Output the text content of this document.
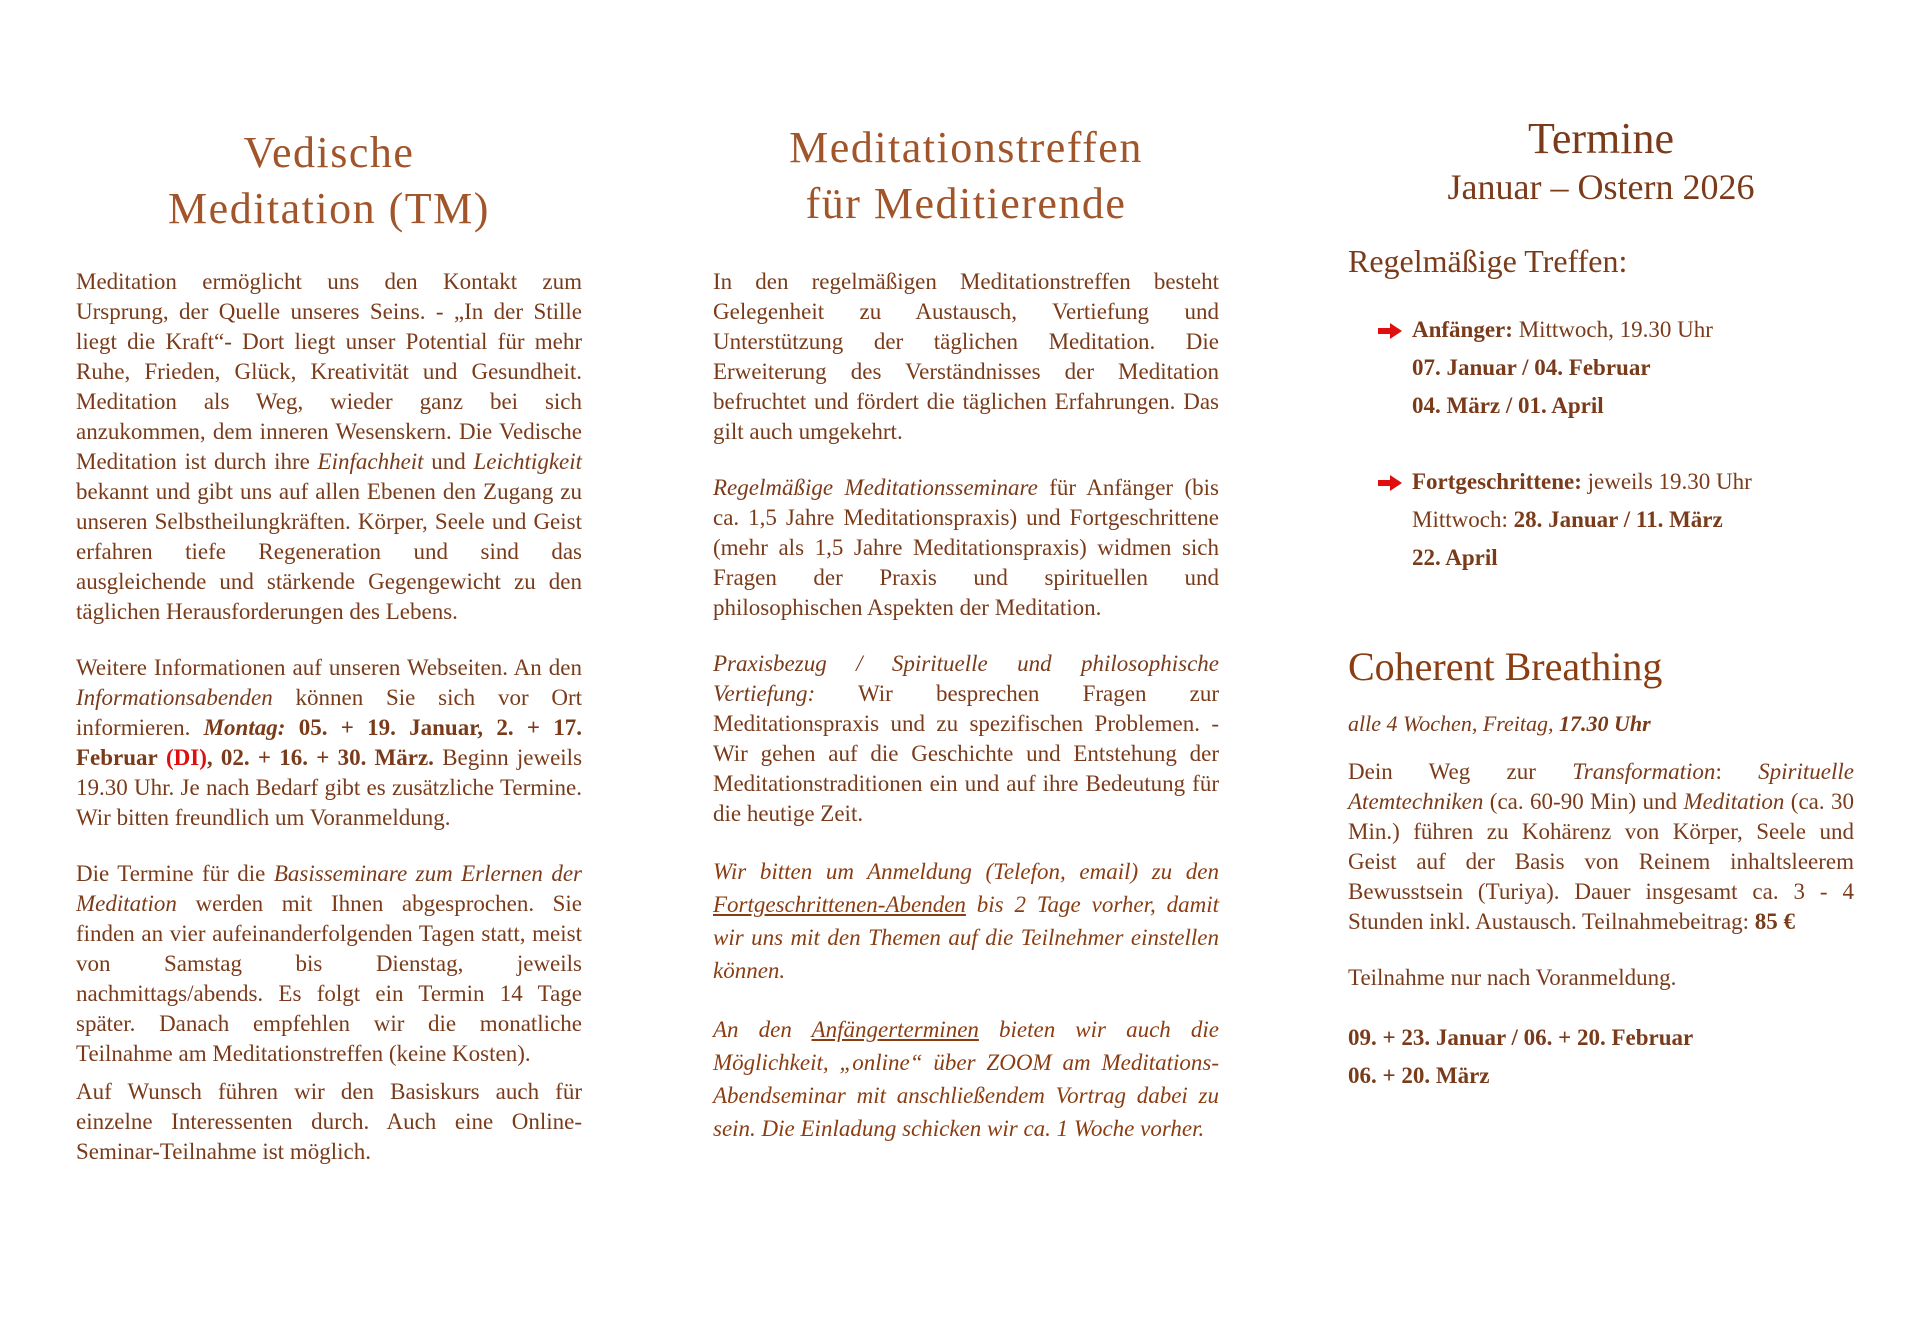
Vedische
Meditation (TM)

Meditation ermöglicht uns den Kontakt zum Ursprung, der Quelle unseres Seins. - „In der Stille liegt die Kraft“- Dort liegt unser Potential für mehr Ruhe, Frieden, Glück, Kreativität und Gesundheit. Meditation als Weg, wieder ganz bei sich anzukommen, dem inneren Wesenskern. Die Vedische Meditation ist durch ihre Einfachheit und Leichtigkeit bekannt und gibt uns auf allen Ebenen den Zugang zu unseren Selbstheilungkräften. Körper, Seele und Geist erfahren tiefe Regeneration und sind das ausgleichende und stärkende Gegengewicht zu den täglichen Herausforderungen des Lebens.

Weitere Informationen auf unseren Webseiten. An den Informationsabenden können Sie sich vor Ort informieren. Montag: 05. + 19. Januar, 2. + 17. Februar (DI), 02. + 16. + 30. März. Beginn jeweils 19.30 Uhr. Je nach Bedarf gibt es zusätzliche Termine. Wir bitten freundlich um Voranmeldung.

Die Termine für die Basisseminare zum Erlernen der Meditation werden mit Ihnen abgesprochen. Sie finden an vier aufeinanderfolgenden Tagen statt, meist von Samstag bis Dienstag, jeweils nachmittags/abends. Es folgt ein Termin 14 Tage später. Danach empfehlen wir die monatliche Teilnahme am Meditationstreffen (keine Kosten).

Auf Wunsch führen wir den Basiskurs auch für einzelne Interessenten durch. Auch eine Online-Seminar-Teilnahme ist möglich.

Meditationstreffen
für Meditierende

In den regelmäßigen Meditationstreffen besteht Gelegenheit zu Austausch, Vertiefung und Unterstützung der täglichen Meditation. Die Erweiterung des Verständnisses der Meditation befruchtet und fördert die täglichen Erfahrungen. Das gilt auch umgekehrt.

Regelmäßige Meditationsseminare für Anfänger (bis ca. 1,5 Jahre Meditationspraxis) und Fortgeschrittene (mehr als 1,5 Jahre Meditationspraxis) widmen sich Fragen der Praxis und spirituellen und philosophischen Aspekten der Meditation.

Praxisbezug / Spirituelle und philosophische Vertiefung: Wir besprechen Fragen zur Meditationspraxis und zu spezifischen Problemen. - Wir gehen auf die Geschichte und Entstehung der Meditationstraditionen ein und auf ihre Bedeutung für die heutige Zeit.

Wir bitten um Anmeldung (Telefon, email) zu den Fortgeschrittenen-Abenden bis 2 Tage vorher, damit wir uns mit den Themen auf die Teilnehmer einstellen können.

An den Anfängerterminen bieten wir auch die Möglichkeit, „online“ über ZOOM am Meditations-Abendseminar mit anschließendem Vortrag dabei zu sein. Die Einladung schicken wir ca. 1 Woche vorher.

Termine
Januar – Ostern 2026
Regelmäßige Treffen:
Anfänger: Mittwoch, 19.30 Uhr
07. Januar / 04. Februar
04. März / 01. April
Fortgeschrittene: jeweils 19.30 Uhr
Mittwoch: 28. Januar / 11. März
22. April
Coherent Breathing
alle 4 Wochen, Freitag, 17.30 Uhr

Dein Weg zur Transformation: Spirituelle Atemtechniken (ca. 60-90 Min) und Meditation (ca. 30 Min.) führen zu Kohärenz von Körper, Seele und Geist auf der Basis von Reinem inhaltsleerem Bewusstsein (Turiya). Dauer insgesamt ca. 3 - 4 Stunden inkl. Austausch. Teilnahmebeitrag: 85 €

Teilnahme nur nach Voranmeldung.

09. + 23. Januar / 06. + 20. Februar
06. + 20. März
